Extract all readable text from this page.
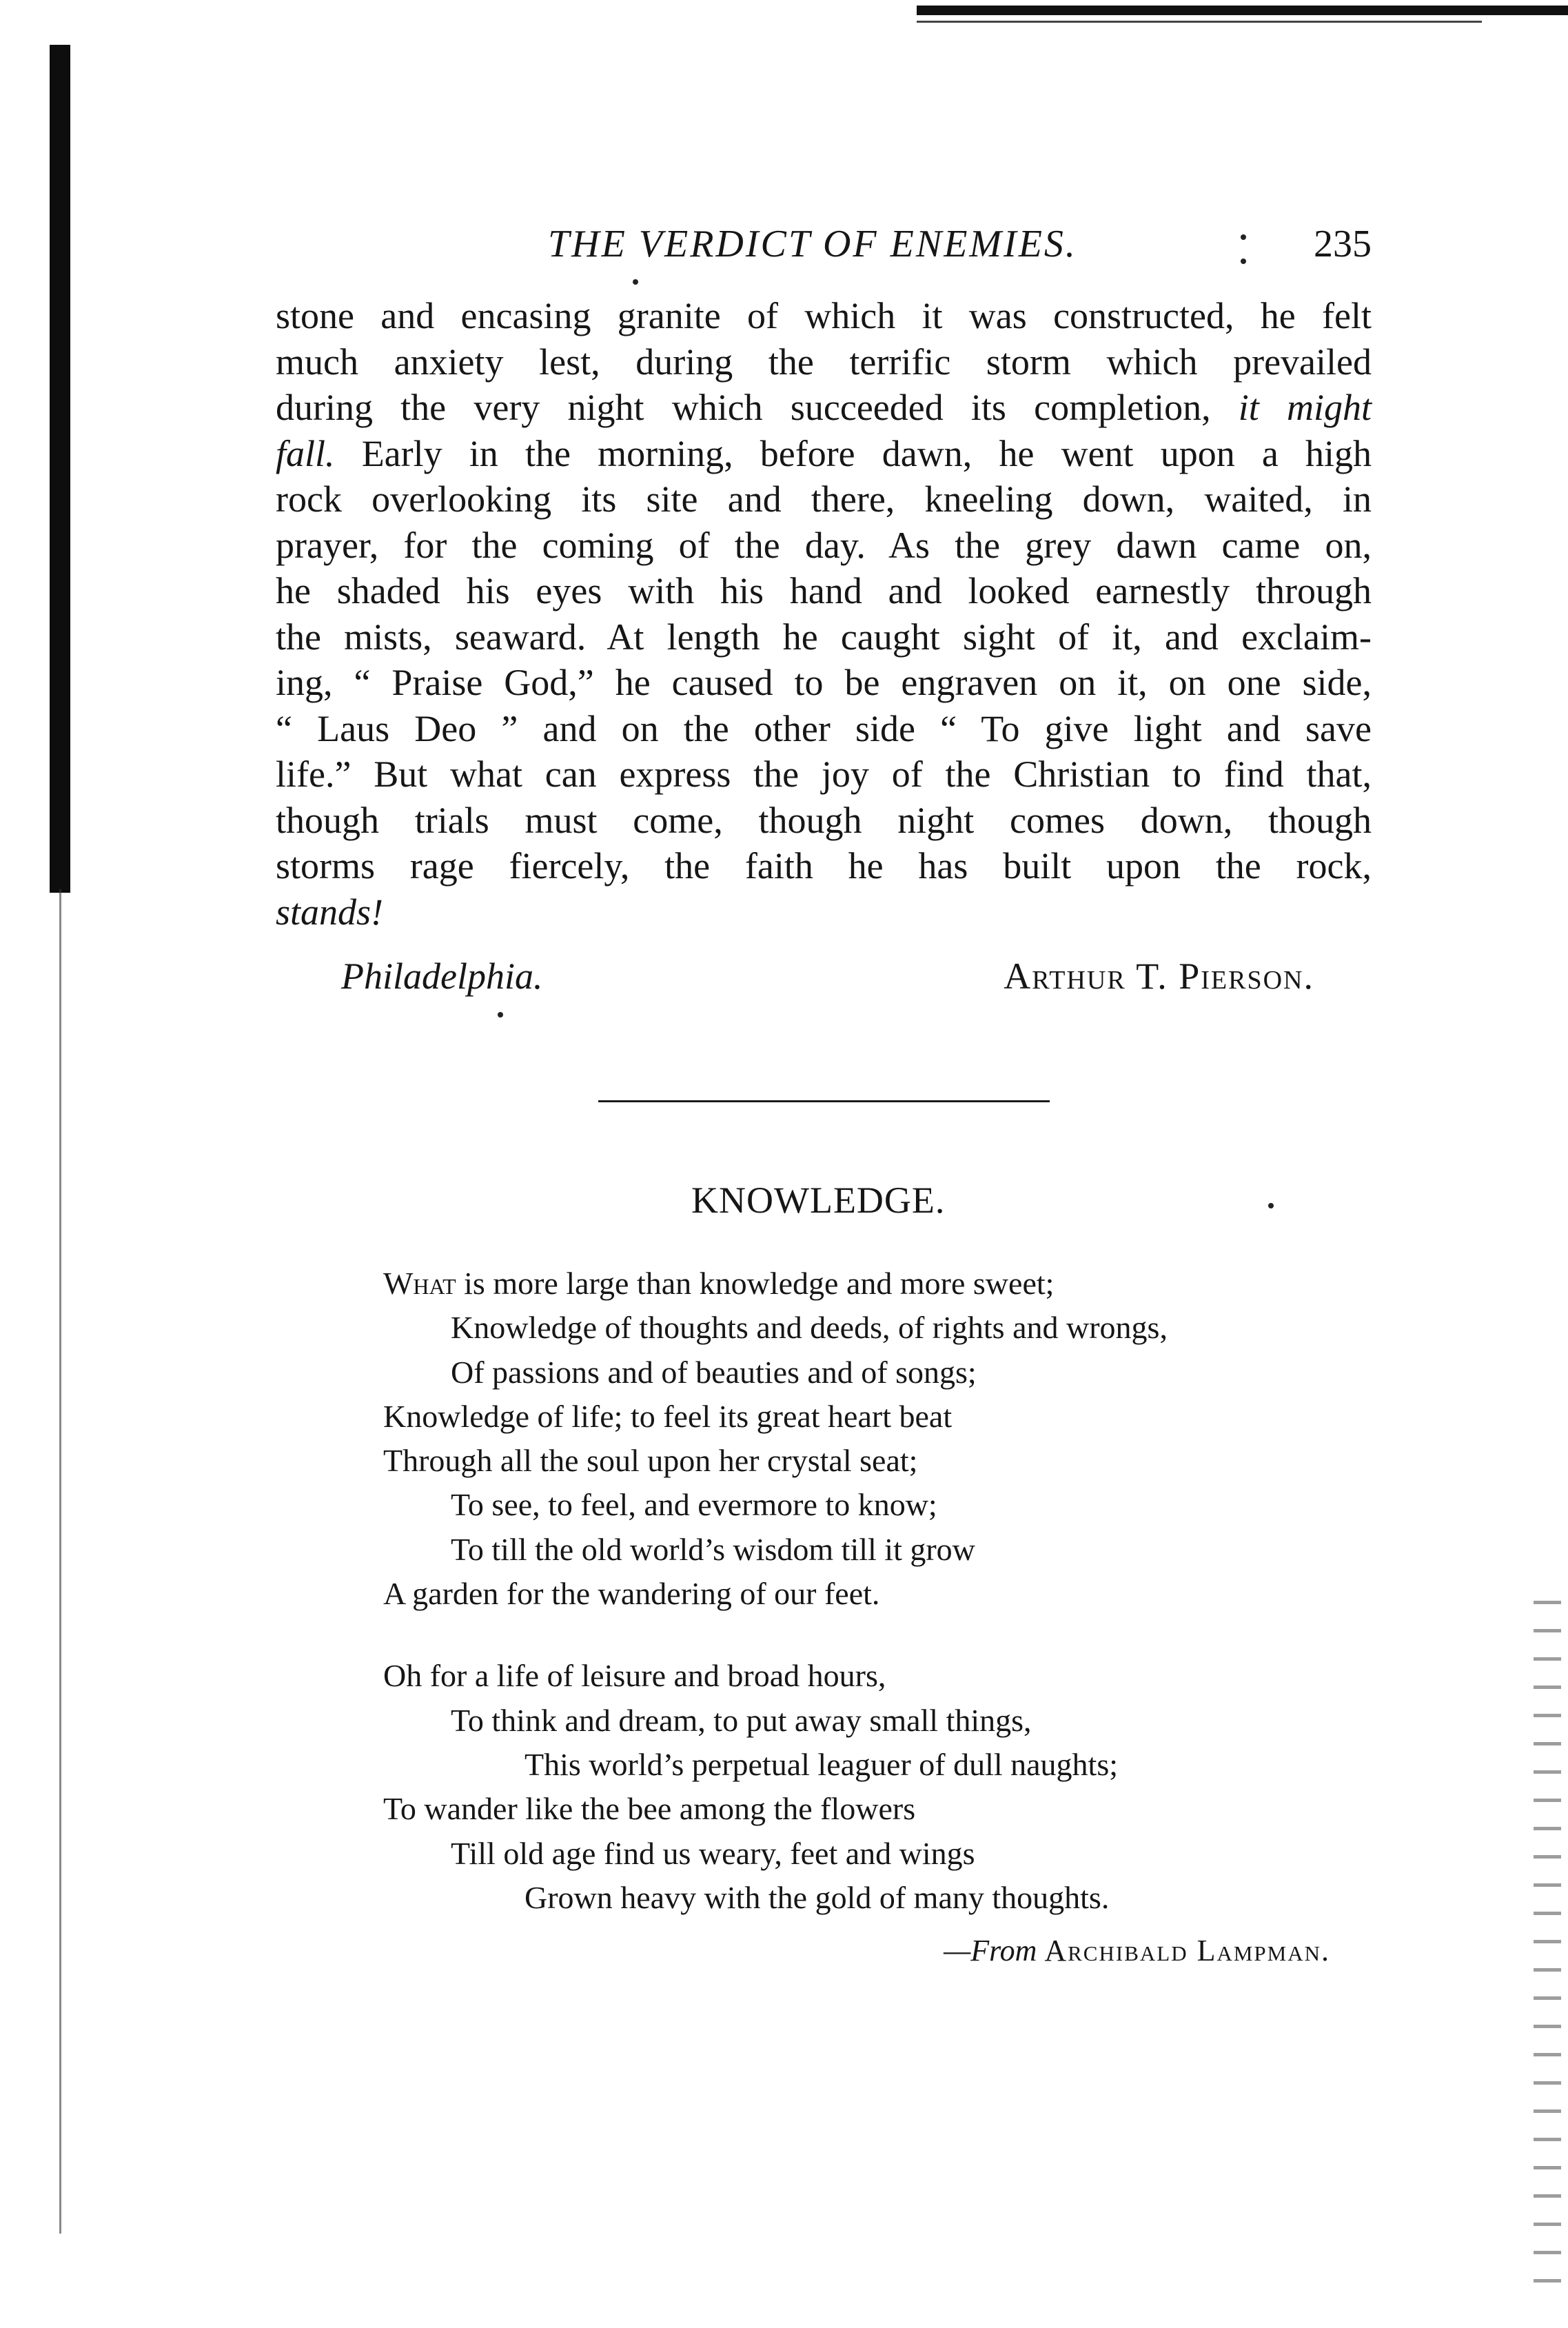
THE VERDICT OF ENEMIES.	235
stone and encasing granite of which it was constructed, he felt
much anxiety lest, during the terrific storm which prevailed
during the very night which succeeded its completion, it might
fall. Early in the morning, before dawn, he went upon a high
rock overlooking its site and there, kneeling down, waited, in
prayer, for the coming of the day. As the grey dawn came on,
he shaded his eyes with his hand and looked earnestly through
the mists, seaward. At length he caught sight of it, and exclaim-
ing, “ Praise God,” he caused to be engraven on it, on one side,
“ Laus Deo ” and on the other side “ To give light and save
life.” But what can express the joy of the Christian to find that,
though trials must come, though night comes down, though
storms rage fiercely, the faith he has built upon the rock,
stands!
Philadelphia.	Arthur T. Pierson.
KNOWLEDGE.
What is more large than knowledge and more sweet;
Knowledge of thoughts and deeds, of rights and wrongs,
Of passions and of beauties and of songs;
Knowledge of life; to feel its great heart beat
Through all the soul upon her crystal seat;
To see, to feel, and evermore to know;
To till the old world’s wisdom till it grow
A garden for the wandering of our feet.
Oh for a life of leisure and broad hours,
To think and dream, to put away small things,
This world’s perpetual leaguer of dull naughts;
To wander like the bee among the flowers
Till old age find us weary, feet and wings
Grown heavy with the gold of many thoughts.
—From Archibald Lampman.
